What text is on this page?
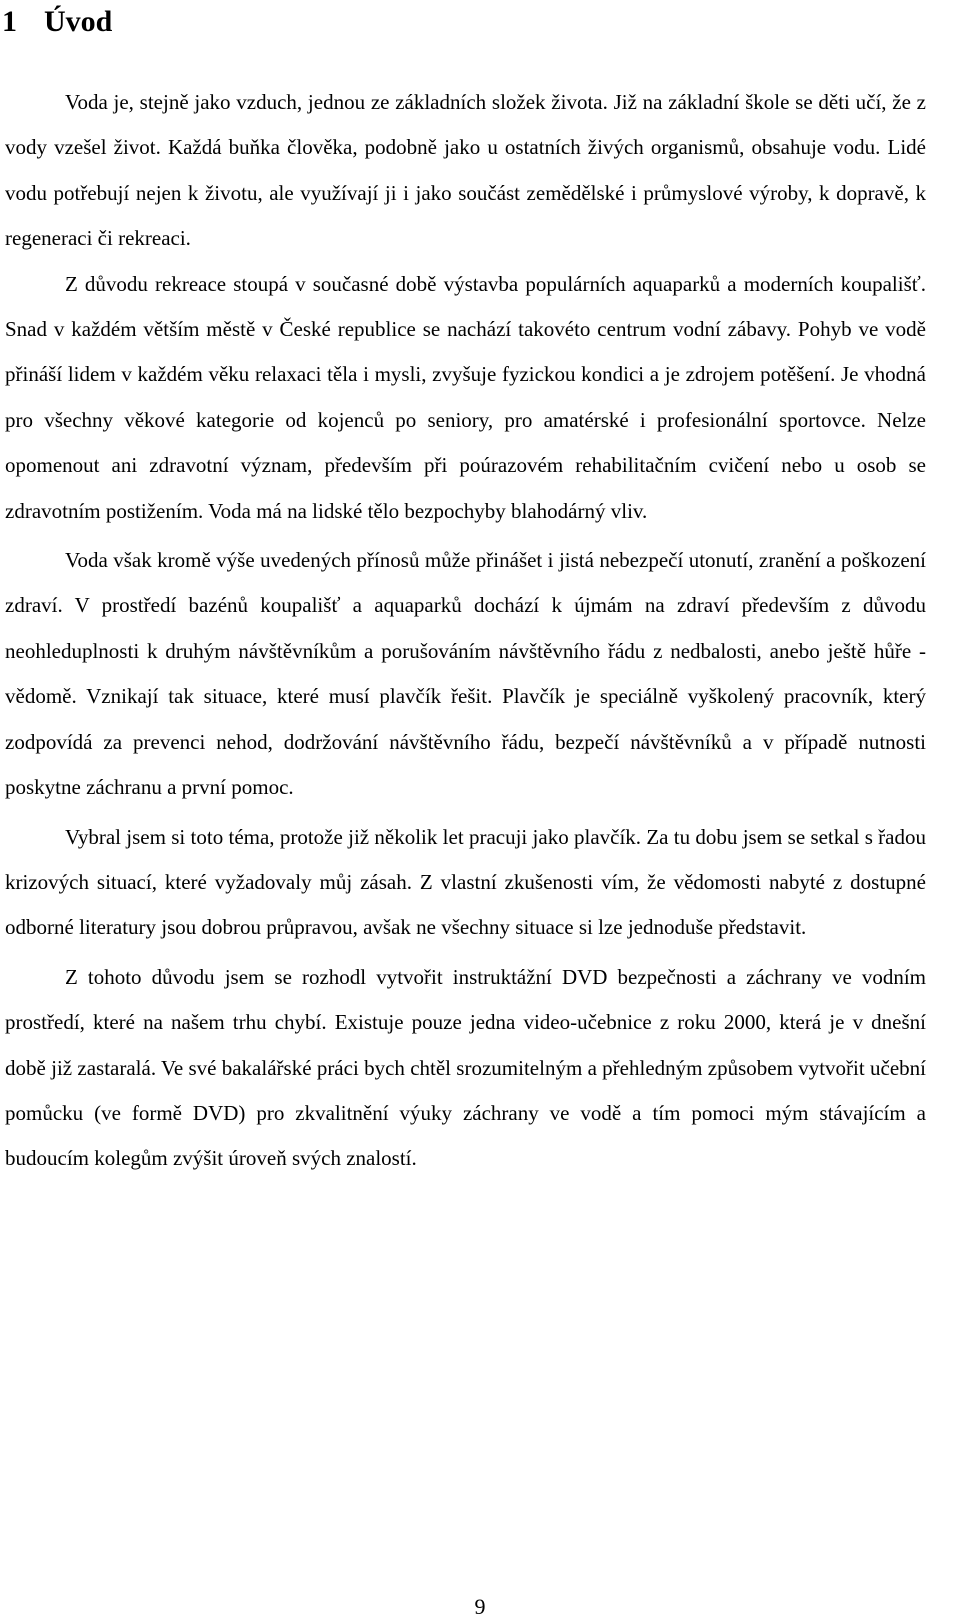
1 Úvod

Voda je, stejně jako vzduch, jednou ze základních složek života. Již na základní škole se děti učí, že z vody vzešel život. Každá buňka člověka, podobně jako u ostatních živých organismů, obsahuje vodu. Lidé vodu potřebují nejen k životu, ale využívají ji i jako součást zemědělské i průmyslové výroby, k dopravě, k regeneraci či rekreaci.

Z důvodu rekreace stoupá v současné době výstavba populárních aquaparků a moderních koupališť. Snad v každém větším městě v České republice se nachází takovéto centrum vodní zábavy. Pohyb ve vodě přináší lidem v každém věku relaxaci těla i mysli, zvyšuje fyzickou kondici a je zdrojem potěšení. Je vhodná pro všechny věkové kategorie od kojenců po seniory, pro amatérské i profesionální sportovce. Nelze opomenout ani zdravotní význam, především při poúrazovém rehabilitačním cvičení nebo u osob se zdravotním postižením. Voda má na lidské tělo bezpochyby blahodárný vliv.

Voda však kromě výše uvedených přínosů může přinášet i jistá nebezpečí utonutí, zranění a poškození zdraví. V prostředí bazénů koupališť a aquaparků dochází k újmám na zdraví především z důvodu neohleduplnosti k druhým návštěvníkům a porušováním návštěvního řádu z nedbalosti, anebo ještě hůře - vědomě. Vznikají tak situace, které musí plavčík řešit. Plavčík je speciálně vyškolený pracovník, který zodpovídá za prevenci nehod, dodržování návštěvního řádu, bezpečí návštěvníků a v případě nutnosti poskytne záchranu a první pomoc.

Vybral jsem si toto téma, protože již několik let pracuji jako plavčík. Za tu dobu jsem se setkal s řadou krizových situací, které vyžadovaly můj zásah. Z vlastní zkušenosti vím, že vědomosti nabyté z dostupné odborné literatury jsou dobrou průpravou, avšak ne všechny situace si lze jednoduše představit.

Z tohoto důvodu jsem se rozhodl vytvořit instruktážní DVD bezpečnosti a záchrany ve vodním prostředí, které na našem trhu chybí. Existuje pouze jedna video-učebnice z roku 2000, která je v dnešní době již zastaralá. Ve své bakalářské práci bych chtěl srozumitelným a přehledným způsobem vytvořit učební pomůcku (ve formě DVD) pro zkvalitnění výuky záchrany ve vodě a tím pomoci mým stávajícím a budoucím kolegům zvýšit úroveň svých znalostí.

9
